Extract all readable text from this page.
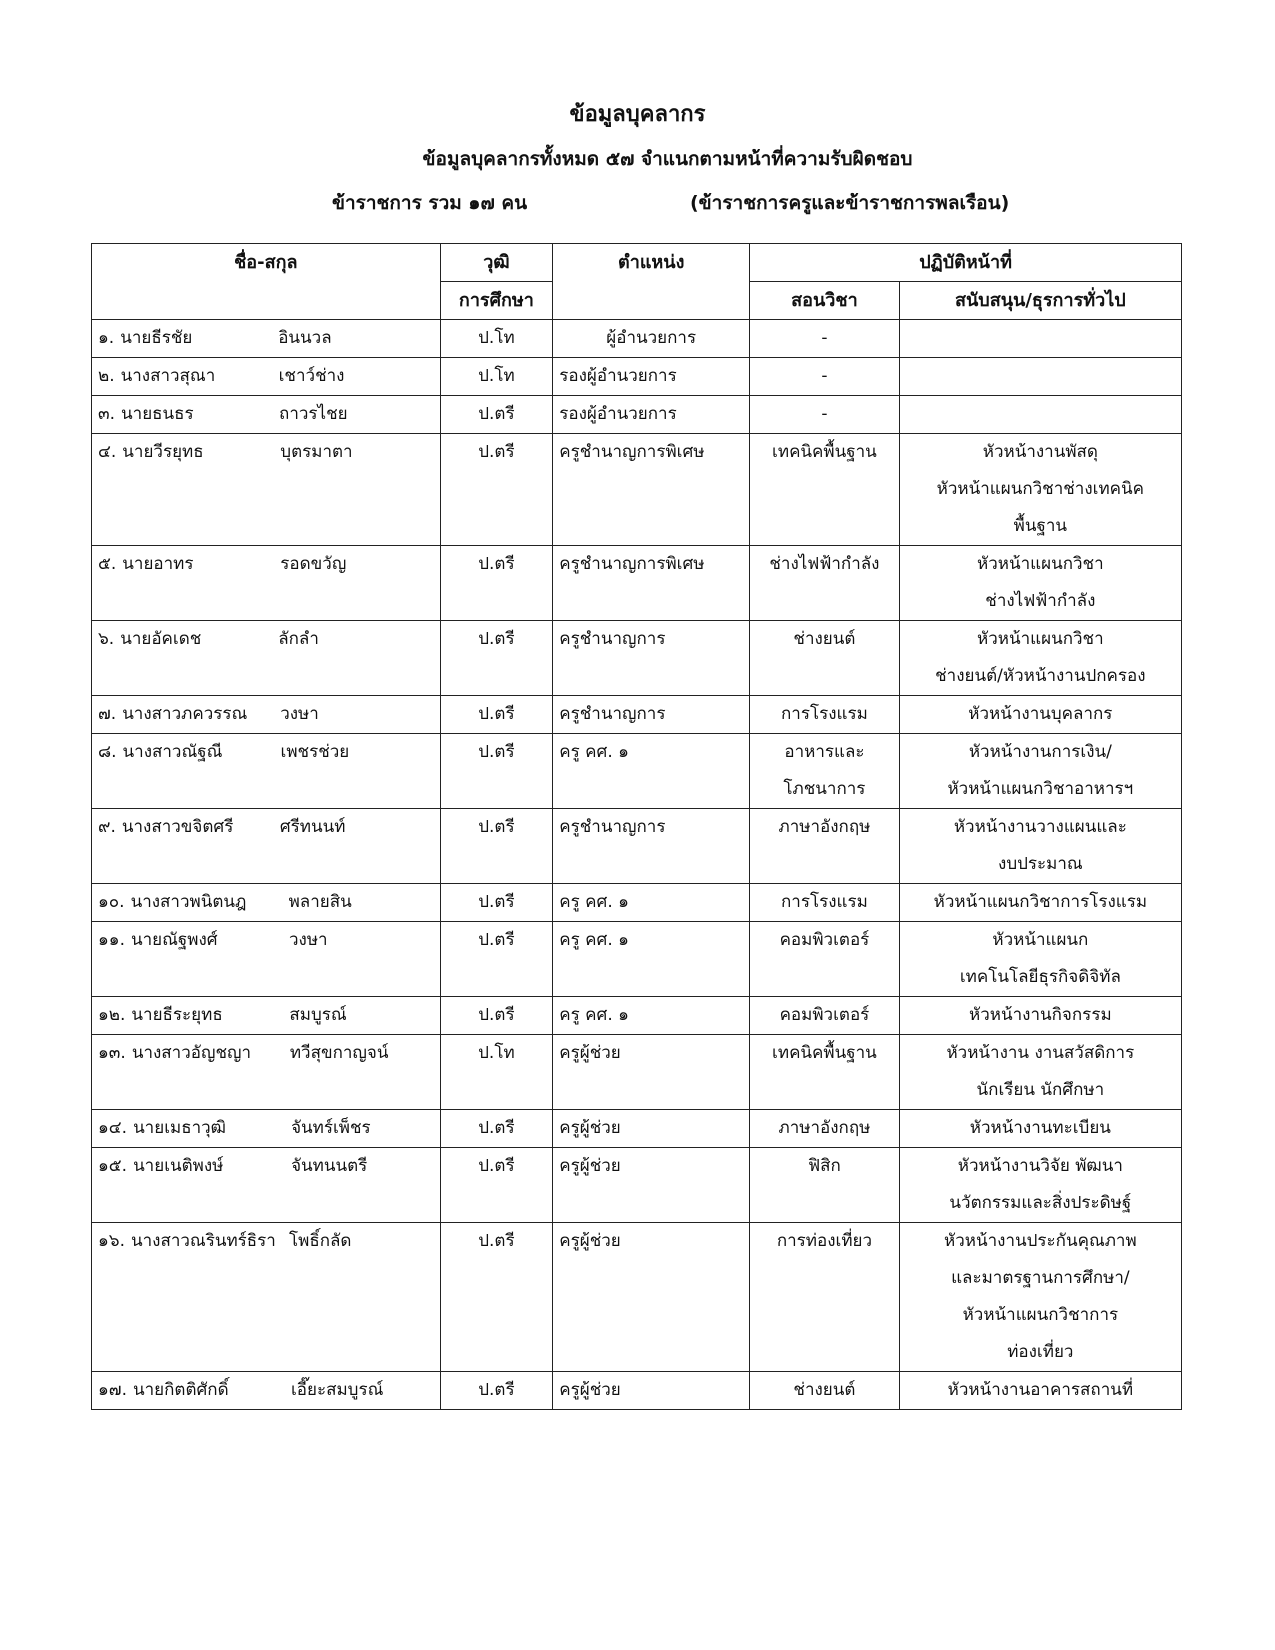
ข้อมูลบุคลากร
ข้อมูลบุคลากรทั้งหมด ๕๗ จำแนกตามหน้าที่ความรับผิดชอบ
ข้าราชการ รวม ๑๗ คน	(ข้าราชการครูและข้าราชการพลเรือน)
ชื่อ-สกุล	วุฒิ	ตำแหน่ง	ปฏิบัติหน้าที่	
	การศึกษา		สอนวิชา	สนับสนุน/ธุรการทั่วไป
๑. นายธีรชัย อินนวล	ป.โท	ผู้อำนวยการ	-	

๒. นางสาวสุณา เชาว์ช่าง	ป.โท	รองผู้อำนวยการ	-	

๓. นายธนธร ถาวรไชย	ป.ตรี	รองผู้อำนวยการ	-	

๔. นายวีรยุทธ บุตรมาตา	ป.ตรี	ครูชำนาญการพิเศษ	เทคนิคพื้นฐาน	หัวหน้างานพัสดุ
หัวหน้าแผนกวิชาช่างเทคนิค
พื้นฐาน

๕. นายอาทร รอดขวัญ	ป.ตรี	ครูชำนาญการพิเศษ	ช่างไฟฟ้ากำลัง	หัวหน้าแผนกวิชา
ช่างไฟฟ้ากำลัง

๖. นายอัคเดช ลักลำ	ป.ตรี	ครูชำนาญการ	ช่างยนต์	หัวหน้าแผนกวิชา
ช่างยนต์/หัวหน้างานปกครอง

๗. นางสาวภควรรณ วงษา	ป.ตรี	ครูชำนาญการ	การโรงแรม	หัวหน้างานบุคลากร

๘. นางสาวณัฐณี เพชรช่วย	ป.ตรี	ครู คศ. ๑	อาหารและ
โภชนาการ	หัวหน้างานการเงิน/
หัวหน้าแผนกวิชาอาหารฯ

๙. นางสาวขจิตศรี ศรีทนนท์	ป.ตรี	ครูชำนาญการ	ภาษาอังกฤษ	หัวหน้างานวางแผนและ
งบประมาณ

๑๐. นางสาวพนิตนฎ พลายสิน	ป.ตรี	ครู คศ. ๑	การโรงแรม	หัวหน้าแผนกวิชาการโรงแรม

๑๑. นายณัฐพงศ์ วงษา	ป.ตรี	ครู คศ. ๑	คอมพิวเตอร์	หัวหน้าแผนก
เทคโนโลยีธุรกิจดิจิทัล

๑๒. นายธีระยุทธ สมบูรณ์	ป.ตรี	ครู คศ. ๑	คอมพิวเตอร์	หัวหน้างานกิจกรรม

๑๓. นางสาวอัญชญา ทวีสุขกาญจน์	ป.โท	ครูผู้ช่วย	เทคนิคพื้นฐาน	หัวหน้างาน งานสวัสดิการ
นักเรียน นักศึกษา

๑๔. นายเมธาวุฒิ จันทร์เพ็ชร	ป.ตรี	ครูผู้ช่วย	ภาษาอังกฤษ	หัวหน้างานทะเบียน

๑๕. นายเนติพงษ์ จันทนนตรี	ป.ตรี	ครูผู้ช่วย	ฟิสิก	หัวหน้างานวิจัย พัฒนา
นวัตกรรมและสิ่งประดิษฐ์

๑๖. นางสาวณรินทร์ธิรา โพธิ์กลัด	ป.ตรี	ครูผู้ช่วย	การท่องเที่ยว	หัวหน้างานประกันคุณภาพ
และมาตรฐานการศึกษา/
หัวหน้าแผนกวิชาการ
ท่องเที่ยว

๑๗. นายกิตติศักดิ์ เอี๊ยะสมบูรณ์	ป.ตรี	ครูผู้ช่วย	ช่างยนต์	หัวหน้างานอาคารสถานที่
